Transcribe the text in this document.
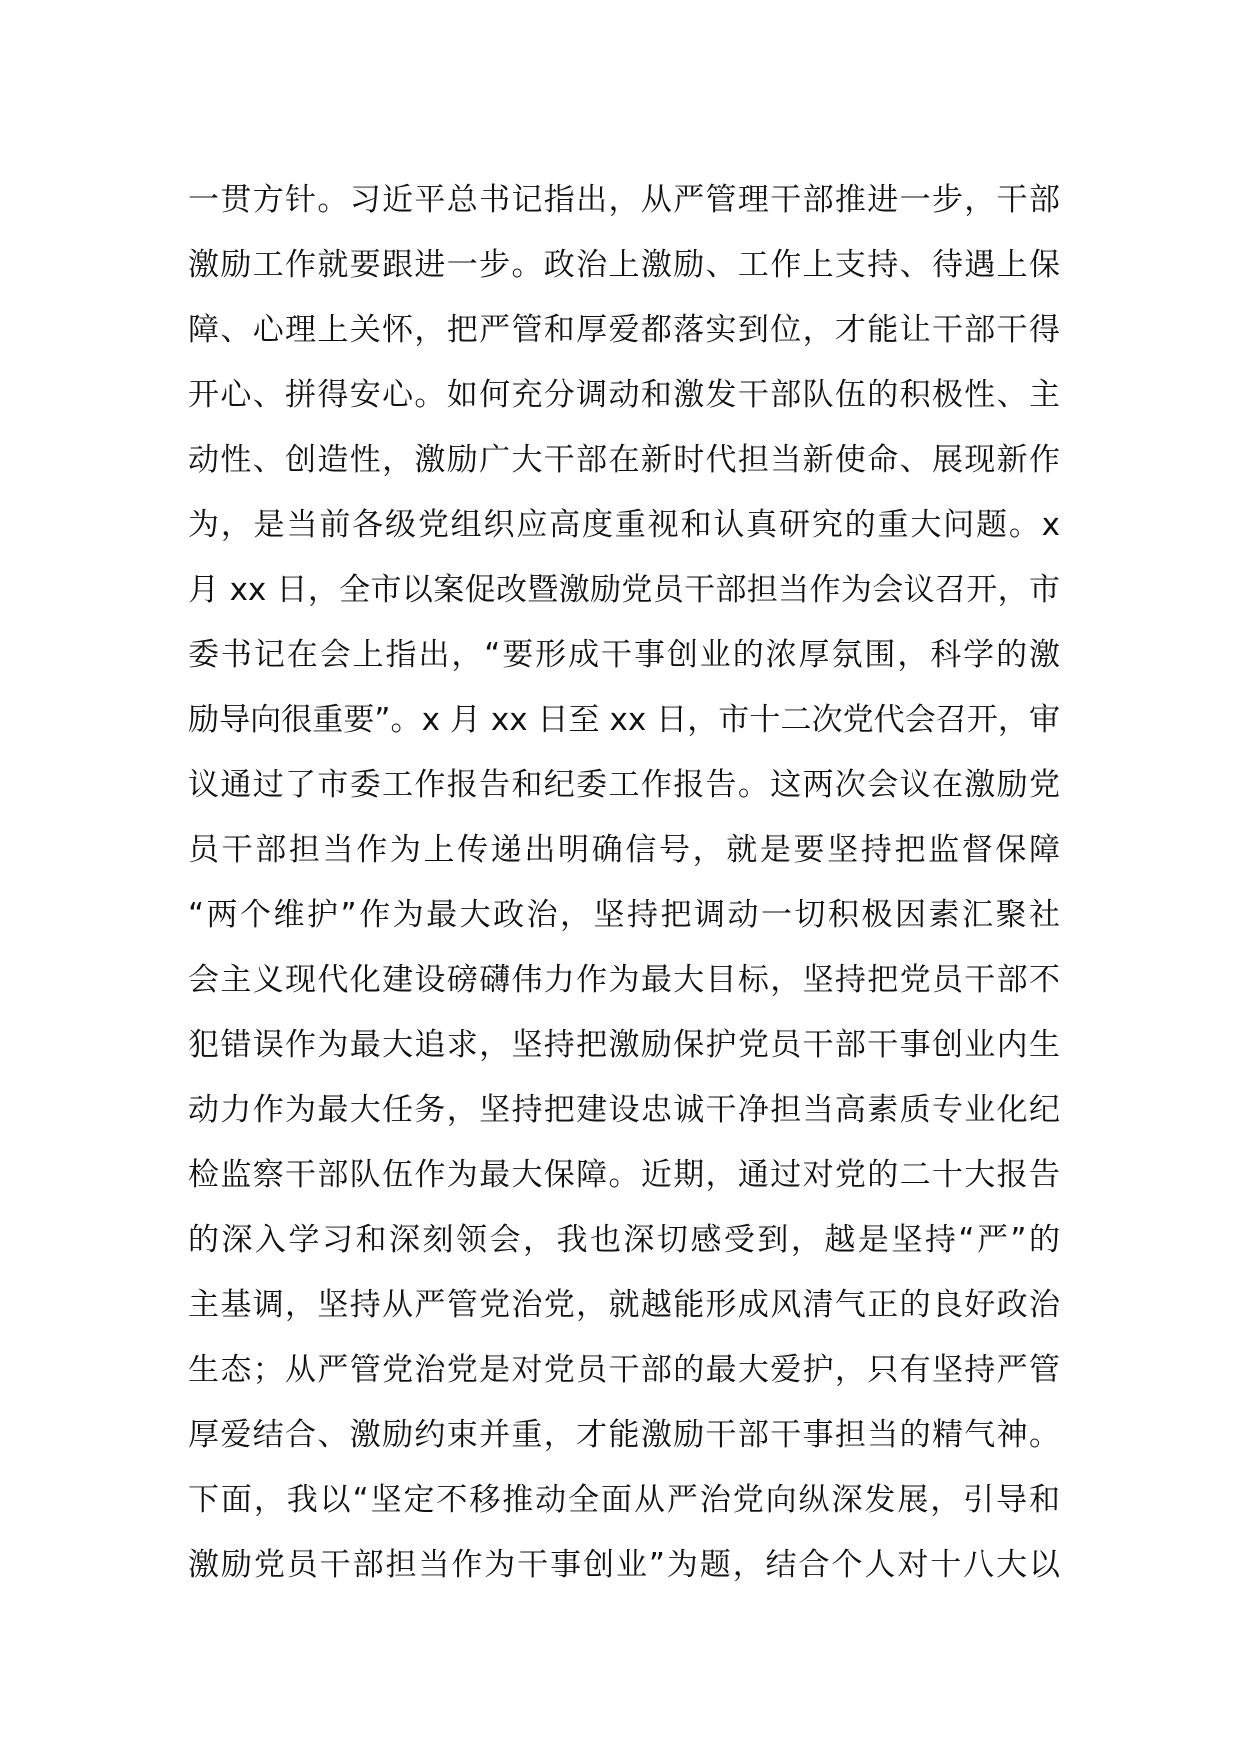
一贯方针。习近平总书记指出，从严管理干部推进一步，干部
激励工作就要跟进一步。政治上激励、工作上支持、待遇上保
障、心理上关怀，把严管和厚爱都落实到位，才能让干部干得
开心、拼得安心。如何充分调动和激发干部队伍的积极性、主
动性、创造性，激励广大干部在新时代担当新使命、展现新作
为，是当前各级党组织应高度重视和认真研究的重大问题。x
月 xx 日，全市以案促改暨激励党员干部担当作为会议召开，市
委书记在会上指出，“要形成干事创业的浓厚氛围，科学的激
励导向很重要”。x 月 xx 日至 xx 日，市十二次党代会召开，审
议通过了市委工作报告和纪委工作报告。这两次会议在激励党
员干部担当作为上传递出明确信号，就是要坚持把监督保障
“两个维护”作为最大政治，坚持把调动一切积极因素汇聚社
会主义现代化建设磅礴伟力作为最大目标，坚持把党员干部不
犯错误作为最大追求，坚持把激励保护党员干部干事创业内生
动力作为最大任务，坚持把建设忠诚干净担当高素质专业化纪
检监察干部队伍作为最大保障。近期，通过对党的二十大报告
的深入学习和深刻领会，我也深切感受到，越是坚持“严”的
主基调，坚持从严管党治党，就越能形成风清气正的良好政治
生态；从严管党治党是对党员干部的最大爱护，只有坚持严管
厚爱结合、激励约束并重，才能激励干部干事担当的精气神。
下面，我以“坚定不移推动全面从严治党向纵深发展，引导和
激励党员干部担当作为干事创业”为题，结合个人对十八大以
